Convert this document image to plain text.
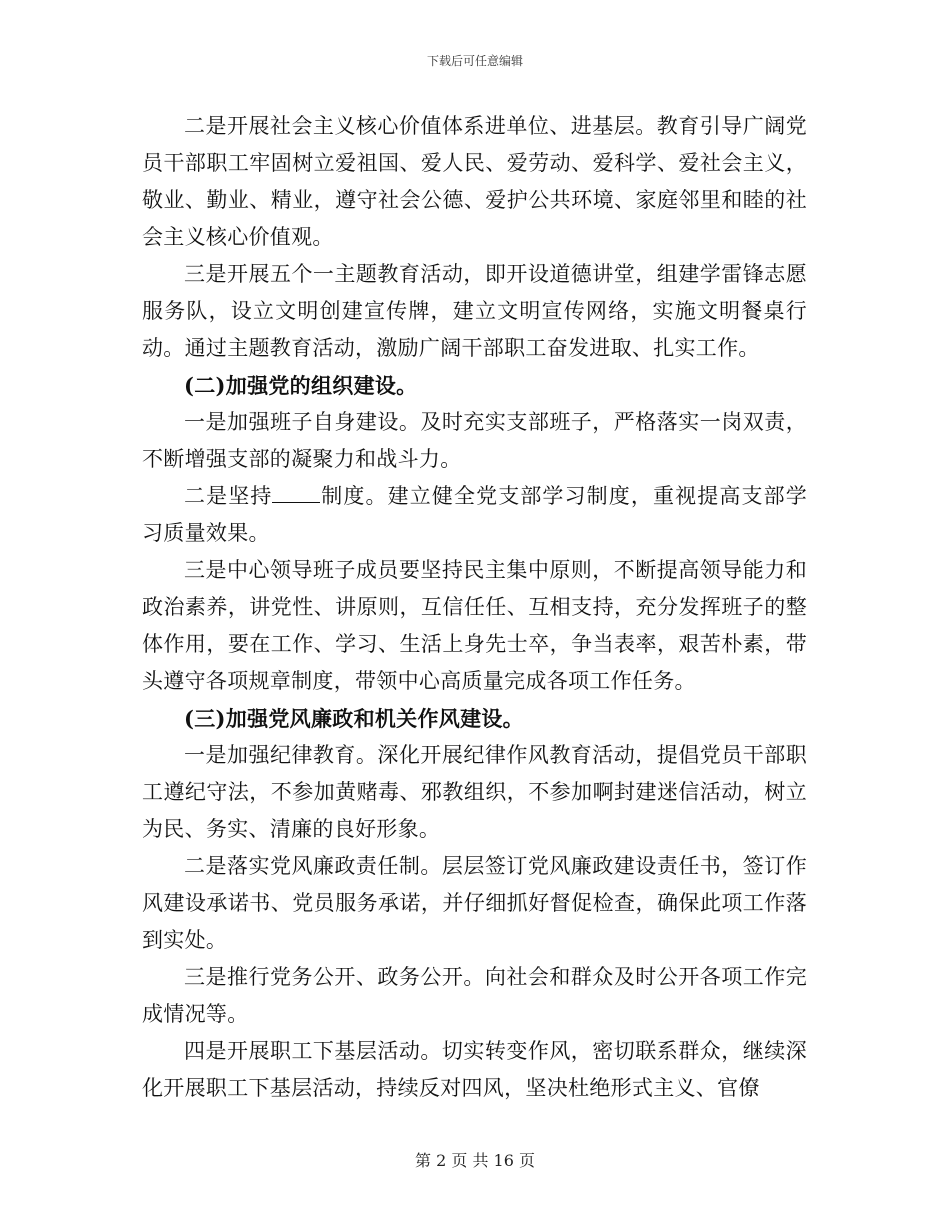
下载后可任意编辑

二是开展社会主义核心价值体系进单位、进基层。教育引导广阔党员干部职工牢固树立爱祖国、爱人民、爱劳动、爱科学、爱社会主义，敬业、勤业、精业，遵守社会公德、爱护公共环境、家庭邻里和睦的社会主义核心价值观。

三是开展五个一主题教育活动，即开设道德讲堂，组建学雷锋志愿服务队，设立文明创建宣传牌，建立文明宣传网络，实施文明餐桌行动。通过主题教育活动，激励广阔干部职工奋发进取、扎实工作。

(二)加强党的组织建设。

一是加强班子自身建设。及时充实支部班子，严格落实一岗双责，不断增强支部的凝聚力和战斗力。

二是坚持 制度。建立健全党支部学习制度，重视提高支部学习质量效果。

三是中心领导班子成员要坚持民主集中原则，不断提高领导能力和政治素养，讲党性、讲原则，互信任任、互相支持，充分发挥班子的整体作用，要在工作、学习、生活上身先士卒，争当表率，艰苦朴素，带头遵守各项规章制度，带领中心高质量完成各项工作任务。

(三)加强党风廉政和机关作风建设。

一是加强纪律教育。深化开展纪律作风教育活动，提倡党员干部职工遵纪守法，不参加黄赌毒、邪教组织，不参加啊封建迷信活动，树立为民、务实、清廉的良好形象。

二是落实党风廉政责任制。层层签订党风廉政建设责任书，签订作风建设承诺书、党员服务承诺，并仔细抓好督促检查，确保此项工作落到实处。

三是推行党务公开、政务公开。向社会和群众及时公开各项工作完成情况等。

四是开展职工下基层活动。切实转变作风，密切联系群众，继续深化开展职工下基层活动，持续反对四风，坚决杜绝形式主义、官僚

第 2 页 共 16 页
